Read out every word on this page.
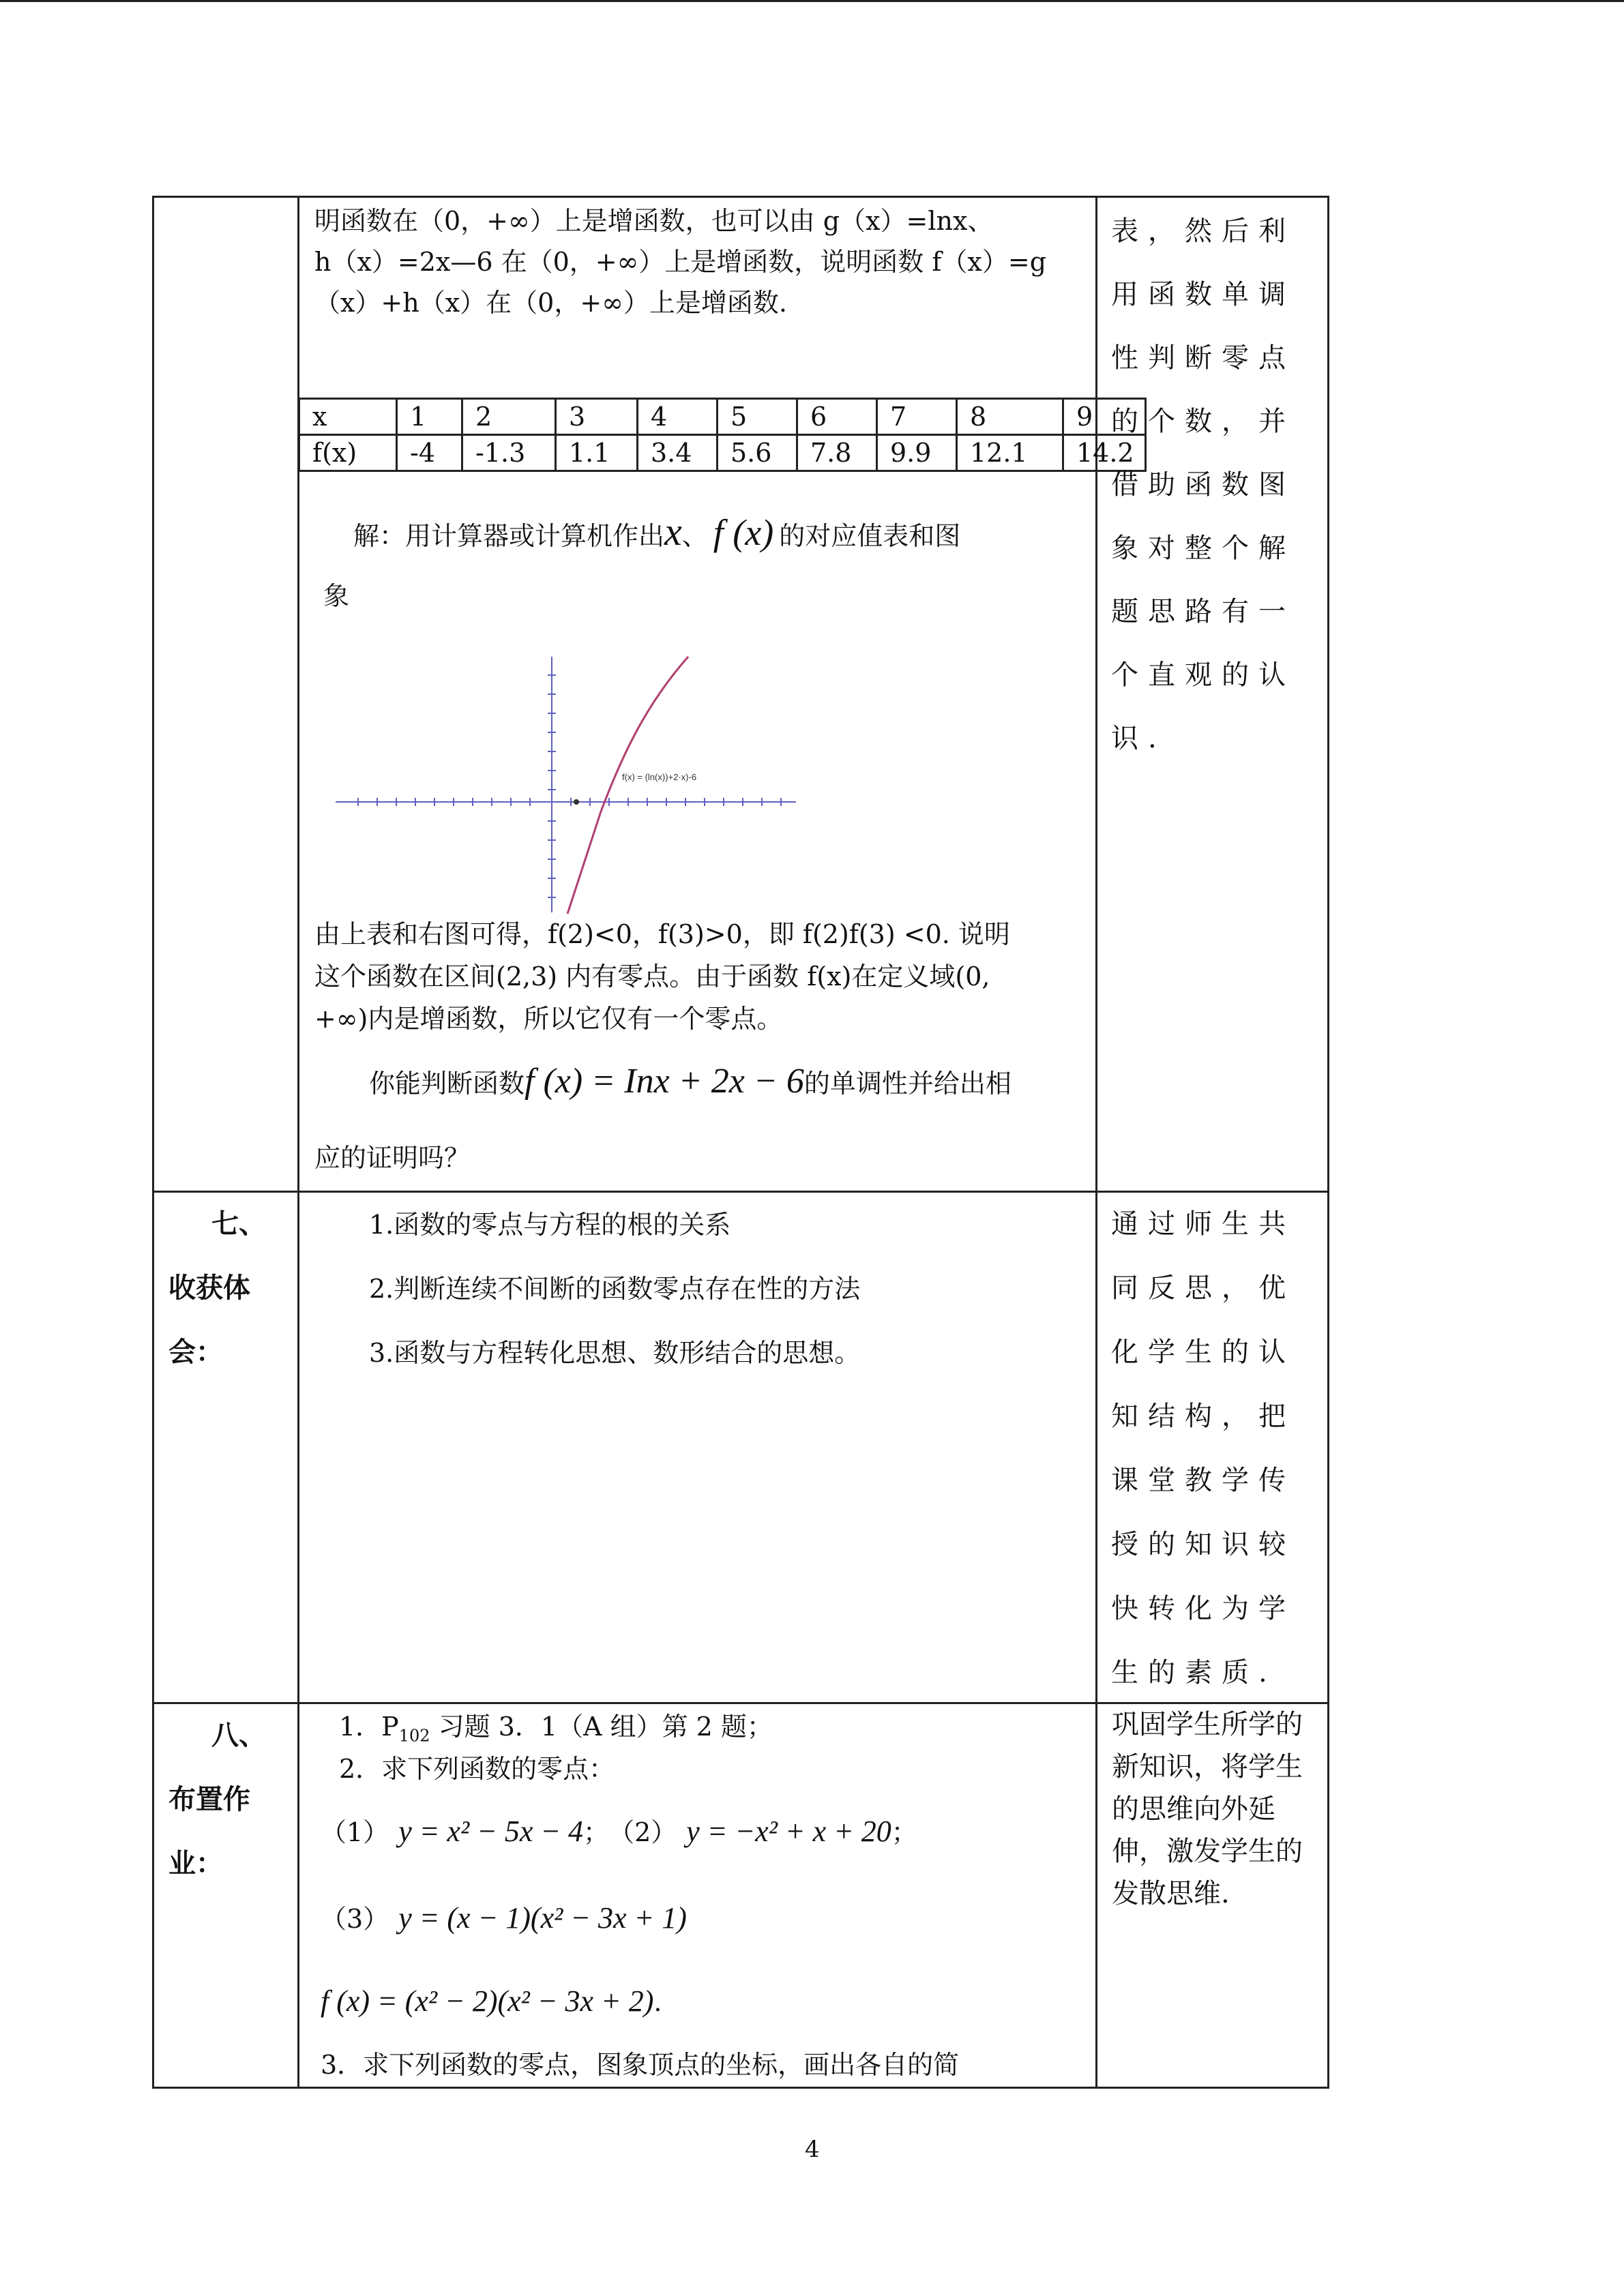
明函数在（0，+∞）上是增函数，也可以由 g（x）=lnx、
h（x）=2x—6 在（0，+∞）上是增函数，说明函数 f（x）=g
（x）+h（x）在（0，+∞）上是增函数.
x	1	2	3	4	5	6	7	8	9
f(x)	-4	-1.3	1.1	3.4	5.6	7.8	9.9	12.1	14.2
解：用计算器或计算机作出x、 f (x) 的对应值表和图
象
f(x) = (ln(x))+2·x)-6
由上表和右图可得，f(2)<0，f(3)>0，即 f(2)f(3) <0. 说明
这个函数在区间(2,3) 内有零点。由于函数 f(x)在定义域(0,
+∞)内是增函数，所以它仅有一个零点。
你能判断函数f (x) = Inx + 2x − 6的单调性并给出相
应的证明吗？
表，然后利
用函数单调
性判断零点
的个数，并
借助函数图
象对整个解
题思路有一
个直观的认
识.
七、
收获体
会：
1.函数的零点与方程的根的关系
2.判断连续不间断的函数零点存在性的方法
3.函数与方程转化思想、数形结合的思想。
通过师生共
同反思，优
化学生的认
知结构，把
课堂教学传
授的知识较
快转化为学
生的素质.
八、
布置作
业：
1．$P_{102}$ 习题 3．1（A 组）第 2 题；
2．求下列函数的零点：
（1） y = x² − 5x − 4； （2） y = −x² + x + 20；
（3） y = (x − 1)(x² − 3x + 1)
f (x) = (x² − 2)(x² − 3x + 2).
3．求下列函数的零点，图象顶点的坐标，画出各自的简
巩固学生所学的
新知识，将学生
的思维向外延
伸，激发学生的
发散思维.
4
